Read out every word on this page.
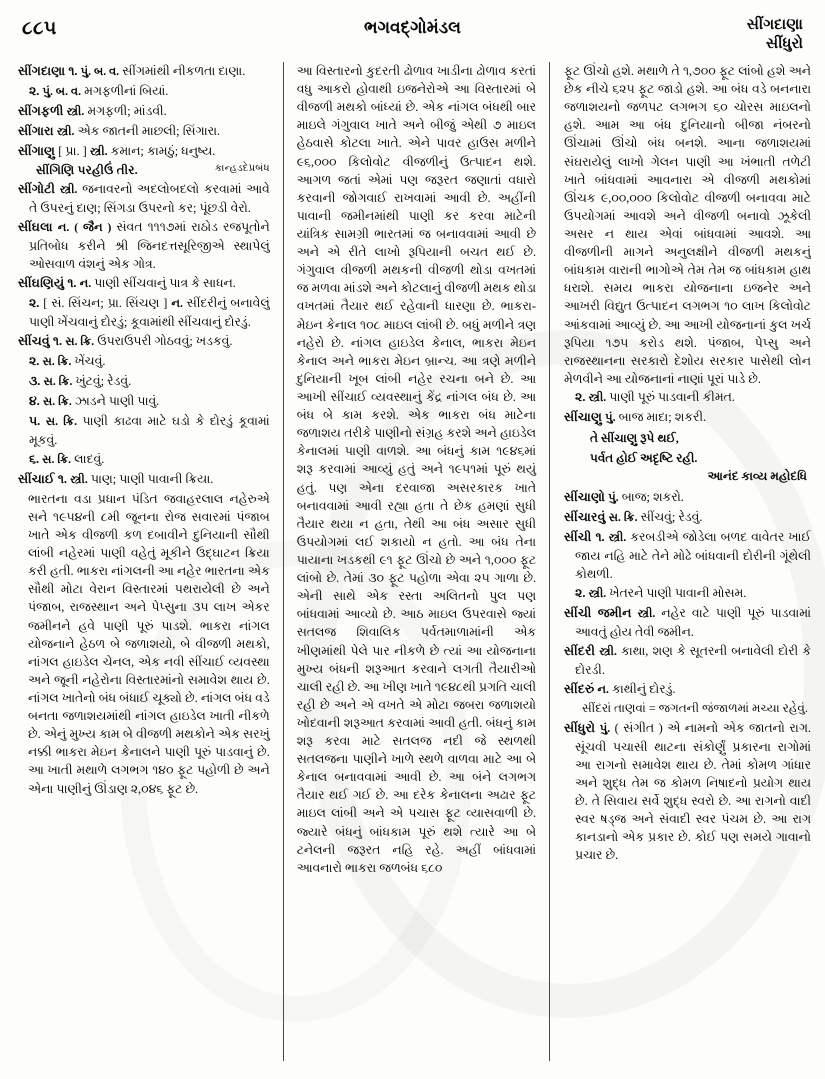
૮૮૫	ભગવદ્ગોમંડલ	સીંગદાણા
સીંધુરો
સીંગદાણા ૧. પું. બ. વ. સીંગમાંથી નીકળતા દાણા.
૨. પું. બ. વ. મગફળીનાં બિયાં.
સીંગફળી સ્ત્રી. મગફળી; માંડવી.
સીંગારા સ્ત્રી. એક જાતની માછલી; સિંગારા.
સીંગાણુ [ પ્રા. ] સ્ત્રી. કમાન; કામઠું; ધનુષ્ય.
કાન્હડદેપ્રબંધ
સીંગિણિ પરહીઉં તીર.
સીંગોટી સ્ત્રી. જનાવરનો અદલોબદલો કરવામાં આવે તે ઉપરનું દાણ; સિંગડા ઉપરનો કર; પૂંછડી વેરો.
સીંઘલા ન. ( જૈન ) સંવત ૧૧૧૭માં રાઠોડ રજપૂતોને પ્રતિબોધ કરીને શ્રી જિનદત્તસૂરિજીએ સ્થાપેલું ઓસવાળ વંશનું એક ગોત્ર.
સીંઘણિયું ૧. ન. પાણી સીંચવાનું પાત્ર કે સાધન.
૨. [ સં. સિંચન; પ્રા. સિંચણ ] ન. સીંદરીનું બનાવેલું પાણી ખેંચવાનું દોરડું; કૂવામાંથી સીંચવાનું દોરડું.
સીંચવું ૧. સ. ક્રિ. ઉપરાઉપરી ગોઠવવું; ખડકવું.
૨. સ. ક્રિ. ખેંચવું.
૩. સ. ક્રિ. ખુંટવું; રેડવું.
૪. સ. ક્રિ. ઝાડને પાણી પાવું.
૫. સ. ક્રિ. પાણી કાઢવા માટે ઘડો કે દોરડું કૂવામાં મૂકવું.
૬. સ. ક્રિ. લાદવું.
સીંચાઈ ૧. સ્ત્રી. પાણ; પાણી પાવાની ક્રિયા.
ભારતના વડા પ્રધાન પંડિત જવાહરલાલ નહેરુએ સને ૧૯૫૪ની ૮મી જૂનના રોજ સવારમાં પંજાબ ખાતે એક વીજળી કળ દબાવીને દુનિયાની સૌથી લાંબી નહેરમાં પાણી વહેતું મૂકીને ઉદ્‌ઘાટન ક્રિયા કરી હતી. ભાકરા નાંગલની આ નહેર ભારતના એક સૌથી મોટા વેરાન વિસ્તારમાં પથરાયેલી છે અને પંજાબ, રાજસ્થાન અને પેપ્સુના ૩૫ લાખ એકર જમીનને હવે પાણી પૂરું પાડશે. ભાકરા નાંગલ યોજનાને હેઠળ બે જળાશયો, બે વીજળી મથકો, નાંગલ હાઇડેલ ચેનલ, એક નવી સીંચાઈ વ્યવસ્થા અને જૂની નહેરોના વિસ્તારમાંનો સમાવેશ થાય છે. નાંગલ ખાતેનો બંધ બંધાઈ ચૂક્યો છે. નાંગલ બંધ વડે બનતા જળાશયમાંથી નાંગલ હાઇડેલ ખાતી નીકળે છે. એનું મુખ્ય કામ બે વીજળી મથકોને એક સરખું નક્કી ભાકરા મેઇન કેનાલને પાણી પૂરું પાડવાનું છે. આ ખાતી મથાળે લગભગ ૧૪૦ ફૂટ પહોળી છે અને એના પાણીનું ઊંડાણ ૨,૦૪૬ ફૂટ છે.
આ વિસ્તારનો કુદરતી ઢોળાવ ખાડીના ઢોળાવ કરતાં વધુ આકરો હોવાથી ઇજનેરોએ આ વિસ્તારમાં બે વીજળી મથકો બાંધ્યાં છે. એક નાંગલ બંધથી બાર માઇલે ગંગુવાલ ખાતે અને બીજું એથી ૭ માઇલ હેઠવાસે કોટલા ખાતે. એને પાવર હાઉસ મળીને ૯૬,૦૦૦ કિલોવોટ વીજળીનું ઉત્પાદન થશે. આગળ જતાં એમાં પણ જરૂરત જણાતાં વધારો કરવાની જોગવાઈ રાખવામાં આવી છે. અહીંની પાવાની જમીનમાંથી પાણી કર કરવા માટેની યાંત્રિક સામગ્રી ભારતમાં જ બનાવવામાં આવી છે અને એ રીતે લાખો રૂપિયાની બચત થઈ છે. ગંગુવાલ વીજળી મથકની વીજળી થોડા વખતમાં જ મળવા માંડશે અને કોટલાનું વીજળી મથક થોડા વખતમાં તૈયાર થઈ રહેવાની ધારણા છે. ભાકરા-મેઇન કેનાલ ૧૦૮ માઇલ લાંબી છે. બધું મળીને ત્રણ નહેરો છે. નાંગલ હાઇડેલ કેનાલ, ભાકરા મેઇન કેનાલ અને ભાકરા મેઇન બ્રાન્ચ. આ ત્રણે મળીને દુનિયાની ખૂબ લાંબી નહેર રચના બને છે. આ આખી સીંચાઈ વ્યવસ્થાનું કેંદ્ર નાંગલ બંધ છે. આ બંધ બે કામ કરશે. એક ભાકરા બંધ માટેના જળાશય તરીકે પાણીનો સંગ્રહ કરશે અને હાઇડેલ કેનાલમાં પાણી વાળશે. આ બંધનું કામ ૧૯૪૬માં શરૂ કરવામાં આવ્યું હતું અને ૧૯૫૧માં પૂરું થયું હતું. પણ એના દરવાજા અસરકારક ખાતે બનાવવામાં આવી રહ્યા હતા તે છેક હમણાં સુધી તૈયાર થયા ન હતા, તેથી આ બંધ અસાર સુધી ઉપયોગમાં લઈ શકાયો ન હતો. આ બંધ તેના પાયાના ખડકથી ૯૧ ફૂટ ઊંચો છે અને ૧,૦૦૦ ફૂટ લાંબો છે. તેમાં ૩૦ ફૂટ પહોળા એવા ૨૫ ગાળા છે. એની સાથે એક રસ્તા અલિતનો પુલ પણ બાંધવામાં આવ્યો છે. આઠ માઇલ ઉપરવાસે જ્યાં સતલજ શિવાલિક પર્વતમાળામાંની એક ખીણમાંથી પેલે પાર નીકળે છે ત્યાં આ યોજનાના મુખ્ય બંધની શરૂઆત કરવાને લગતી તૈયારીઓ ચાલી રહી છે. આ ખીણ ખાતે ૧૯૪૮થી પ્રગતિ ચાલી રહી છે અને એ વખતે એ મોટા જબરા જળાશયો ખોદવાની શરૂઆત કરવામાં આવી હતી. બંધનું કામ શરૂ કરવા માટે સતલજ નદી જે સ્થળથી સતલજના પાણીને ખાળે સ્થળે વાળવા માટે આ બે કેનાલ બનાવવામાં આવી છે. આ બંને લગભગ તૈયાર થઈ ગઈ છે. આ દરેક કેનાલના અઢાર ફૂટ માઇલ લાંબી અને એ પચાસ ફૂટ વ્યાસવાળી છે. જ્યારે બંધનું બાંધકામ પૂરું થશે ત્યારે આ બે ટનેલની જરૂરત નહિ રહે. અહીં બાંધવામાં આવનારો ભાકરા જળબંધ ૬૮૦
ફૂટ ઊંચો હશે. મથાળે તે ૧,૭૦૦ ફૂટ લાંબો હશે અને છેક નીચે ૬૨૫ ફૂટ જાડો હશે. આ બંધ વડે બનનારા જળાશયનો જળપટ લગભગ ૬૦ ચોરસ માઇલનો હશે. આમ આ બંધ દુનિયાનો બીજા નંબરનો ઊંચામાં ઊંચો બંધ બનશે. આના જળાશયમાં સંઘરાયેલું લાખો ગેલન પાણી આ ખંભાતી તળેટી ખાતે બાંધવામાં આવનારા એ વીજળી મથકોમાં ઊંચક ૯,૦૦,૦૦૦ કિલોવોટ વીજળી બનાવવા માટે ઉપયોગમાં આવશે અને વીજળી બનાવો ઝૂકેલી અસર ન થાય એવાં બાંધવામાં આવશે. આ વીજળીની માગને અનુલક્ષીને વીજળી મથકનું બાંધકામ વારાની ભાગોએ તેમ તેમ જ બાંધકામ હાથ ધરાશે. સમય ભાકરા યોજનાના ઇજનેર અને આખરી વિદ્યુત ઉત્પાદન લગભગ ૧૦ લાખ કિલોવોટ આંકવામાં આવ્યું છે. આ આખી યોજનાનાં કુલ ખર્ચ રૂપિયા ૧૭૫ કરોડ થશે. પંજાબ, પેપ્સુ અને રાજસ્થાનના સરકારો દેશોય સરકાર પાસેથી લોન મેળવીને આ યોજનાનાં નાણાં પૂરાં પાડે છે.
૨. સ્ત્રી. પાણી પૂરું પાડવાની કીમત.
સીંચાણુ પું. બાજ માદા; શકરી.
તે સીંચાણુ રૂપે થઈ,
પર્વત હોઈ અદૃષ્ટિ રહી.
આનંદ કાવ્ય મહોદધિ
સીંચાણો પું. બાજ; શકરો.
સીંચારવું સ. ક્રિ. સીંચવું; રેડવું.
સીંચી ૧. સ્ત્રી. કરબડીએ જોડેલા બળદ વાવેતર ખાઈ જાય નહિ માટે તેને મોઢે બાંધવાની દોરીની ગૂંથેલી કોથળી.
૨. સ્ત્રી. ખેતરને પાણી પાવાની મોસમ.
સીંચી જમીન સ્ત્રી. નહેર વાટે પાણી પૂરું પાડવામાં આવતું હોય તેવી જમીન.
સીંદરી સ્ત્રી. કાથા, શણ કે સૂતરની બનાવેલી દોરી કે દોરડી.
સીંદરું ન. કાથીનું દોરડું.
સીંદરાં તાણવાં = જગતની જંજાળમાં મચ્યા રહેવું.
સીંધુરો પું. ( સંગીત ) એ નામનો એક જાતનો રાગ. સૂંચવી પચાસી થાટના સંકોર્ણું પ્રકારના રાગોમાં આ રાગનો સમાવેશ થાય છે. તેમાં કોમળ ગાંધાર અને શુદ્ધ તેમ જ કોમળ નિષાદનો પ્રયોગ થાય છે. તે સિવાય સર્વે શુદ્ધ સ્વરો છે. આ રાગનો વાદી સ્વર ષડ્જ અને સંવાદી સ્વર પંચમ છે. આ રાગ કાનડાનો એક પ્રકાર છે. કોઈ પણ સમયે ગાવાનો પ્રચાર છે.
